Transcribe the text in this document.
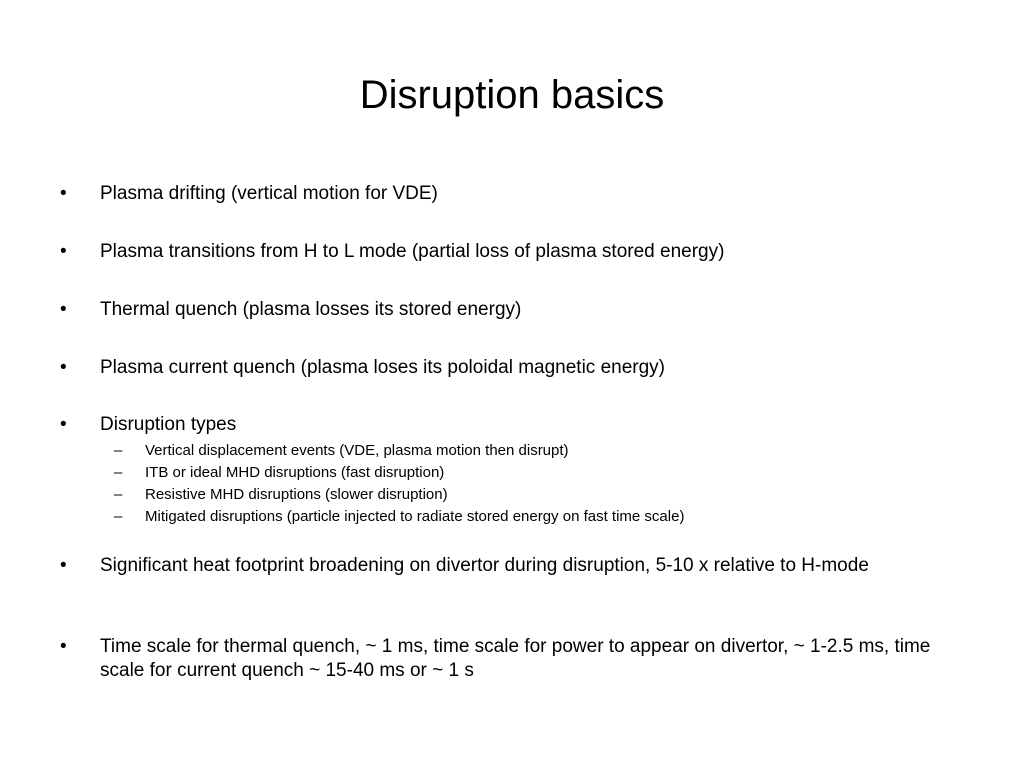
Disruption basics
• Plasma drifting (vertical motion for VDE)
• Plasma transitions from H to L mode (partial loss of plasma stored energy)
• Thermal quench (plasma losses its stored energy)
• Plasma current quench (plasma loses its poloidal magnetic energy)
• Disruption types
– Vertical displacement events (VDE, plasma motion then disrupt)
– ITB or ideal MHD disruptions (fast disruption)
– Resistive MHD disruptions (slower disruption)
– Mitigated disruptions (particle injected to radiate stored energy on fast time scale)
• Significant heat footprint broadening on divertor during disruption, 5-10 x relative to H-mode
• Time scale for thermal quench, ~ 1 ms, time scale for power to appear on divertor, ~ 1-2.5 ms, time scale for current quench ~ 15-40 ms or ~ 1 s
